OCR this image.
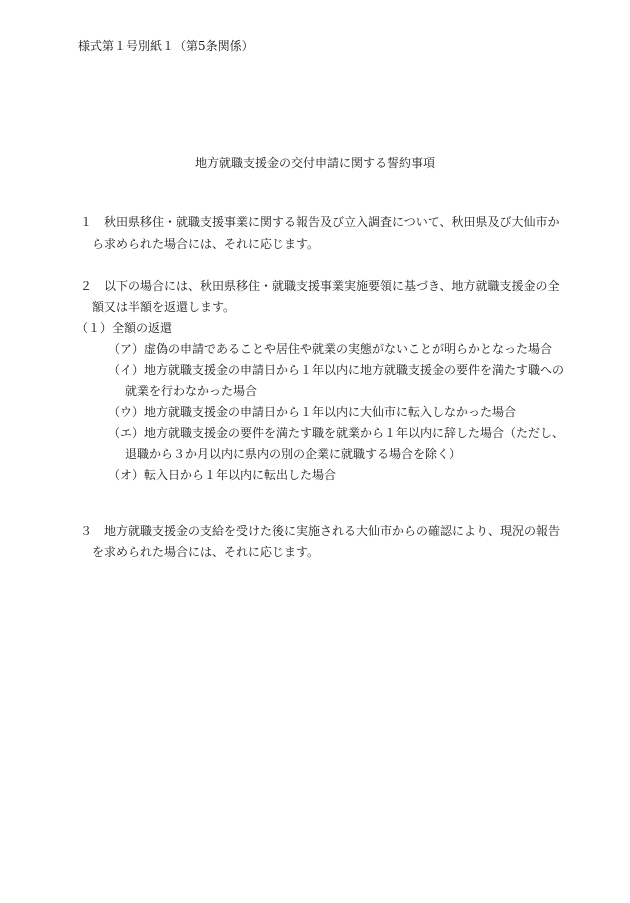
様式第１号別紙１（第5条関係）
地方就職支援金の交付申請に関する誓約事項
１　秋田県移住・就職支援事業に関する報告及び立入調査について、秋田県及び大仙市か
ら求められた場合には、それに応じます。
２　以下の場合には、秋田県移住・就職支援事業実施要領に基づき、地方就職支援金の全
額又は半額を返還します。
（１）全額の返還
（ア）虚偽の申請であることや居住や就業の実態がないことが明らかとなった場合
（イ）地方就職支援金の申請日から１年以内に地方就職支援金の要件を満たす職への
就業を行わなかった場合
（ウ）地方就職支援金の申請日から１年以内に大仙市に転入しなかった場合
（エ）地方就職支援金の要件を満たす職を就業から１年以内に辞した場合（ただし、
退職から３か月以内に県内の別の企業に就職する場合を除く）
（オ）転入日から１年以内に転出した場合
３　地方就職支援金の支給を受けた後に実施される大仙市からの確認により、現況の報告
を求められた場合には、それに応じます。
